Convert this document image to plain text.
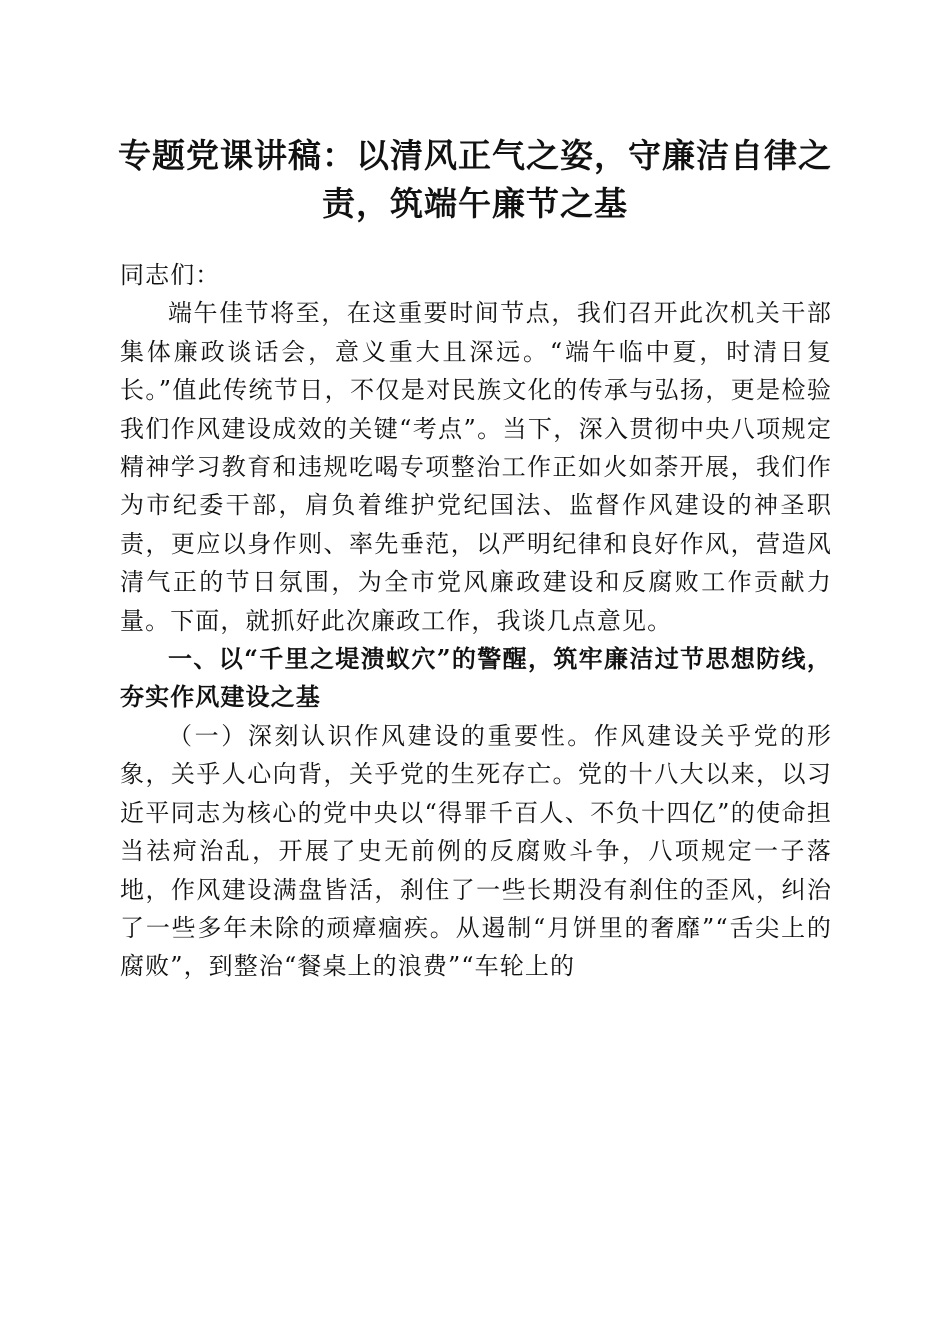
专题党课讲稿：以清风正气之姿，守廉洁自律之责，筑端午廉节之基

同志们：

端午佳节将至，在这重要时间节点，我们召开此次机关干部集体廉政谈话会，意义重大且深远。“端午临中夏，时清日复长。”值此传统节日，不仅是对民族文化的传承与弘扬，更是检验我们作风建设成效的关键“考点”。当下，深入贯彻中央八项规定精神学习教育和违规吃喝专项整治工作正如火如荼开展，我们作为市纪委干部，肩负着维护党纪国法、监督作风建设的神圣职责，更应以身作则、率先垂范，以严明纪律和良好作风，营造风清气正的节日氛围，为全市党风廉政建设和反腐败工作贡献力量。下面，就抓好此次廉政工作，我谈几点意见。

一、以“千里之堤溃蚁穴”的警醒，筑牢廉洁过节思想防线，夯实作风建设之基

（一）深刻认识作风建设的重要性。作风建设关乎党的形象，关乎人心向背，关乎党的生死存亡。党的十八大以来，以习近平同志为核心的党中央以“得罪千百人、不负十四亿”的使命担当祛疴治乱，开展了史无前例的反腐败斗争，八项规定一子落地，作风建设满盘皆活，刹住了一些长期没有刹住的歪风，纠治了一些多年未除的顽瘴痼疾。从遏制“月饼里的奢靡”“舌尖上的腐败”，到整治“餐桌上的浪费”“车轮上的
